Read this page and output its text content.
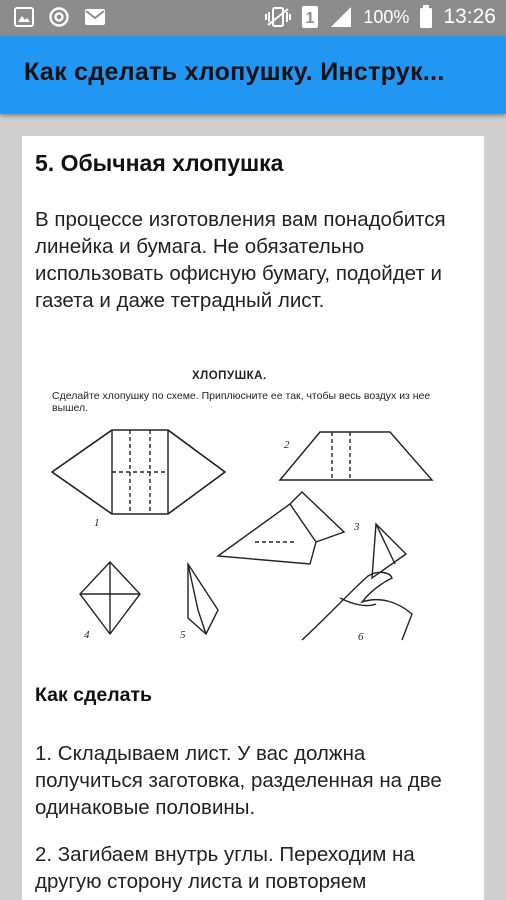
1	100% 13:26
Как сделать хлопушку. Инструк...
5. Обычная хлопушка
В процессе изготовления вам понадобится линейка и бумага. Не обязательно использовать офисную бумагу, подойдет и газета и даже тетрадный лист.
1
2
3
4	5	6
ХЛОПУШКА.
Сделайте хлопушку по схеме. Приплюсните ее так, чтобы весь воздух из нее вышел.
Как сделать
1. Складываем лист. У вас должна получиться заготовка, разделенная на две одинаковые половины.
2. Загибаем внутрь углы. Переходим на другую сторону листа и повторяем
